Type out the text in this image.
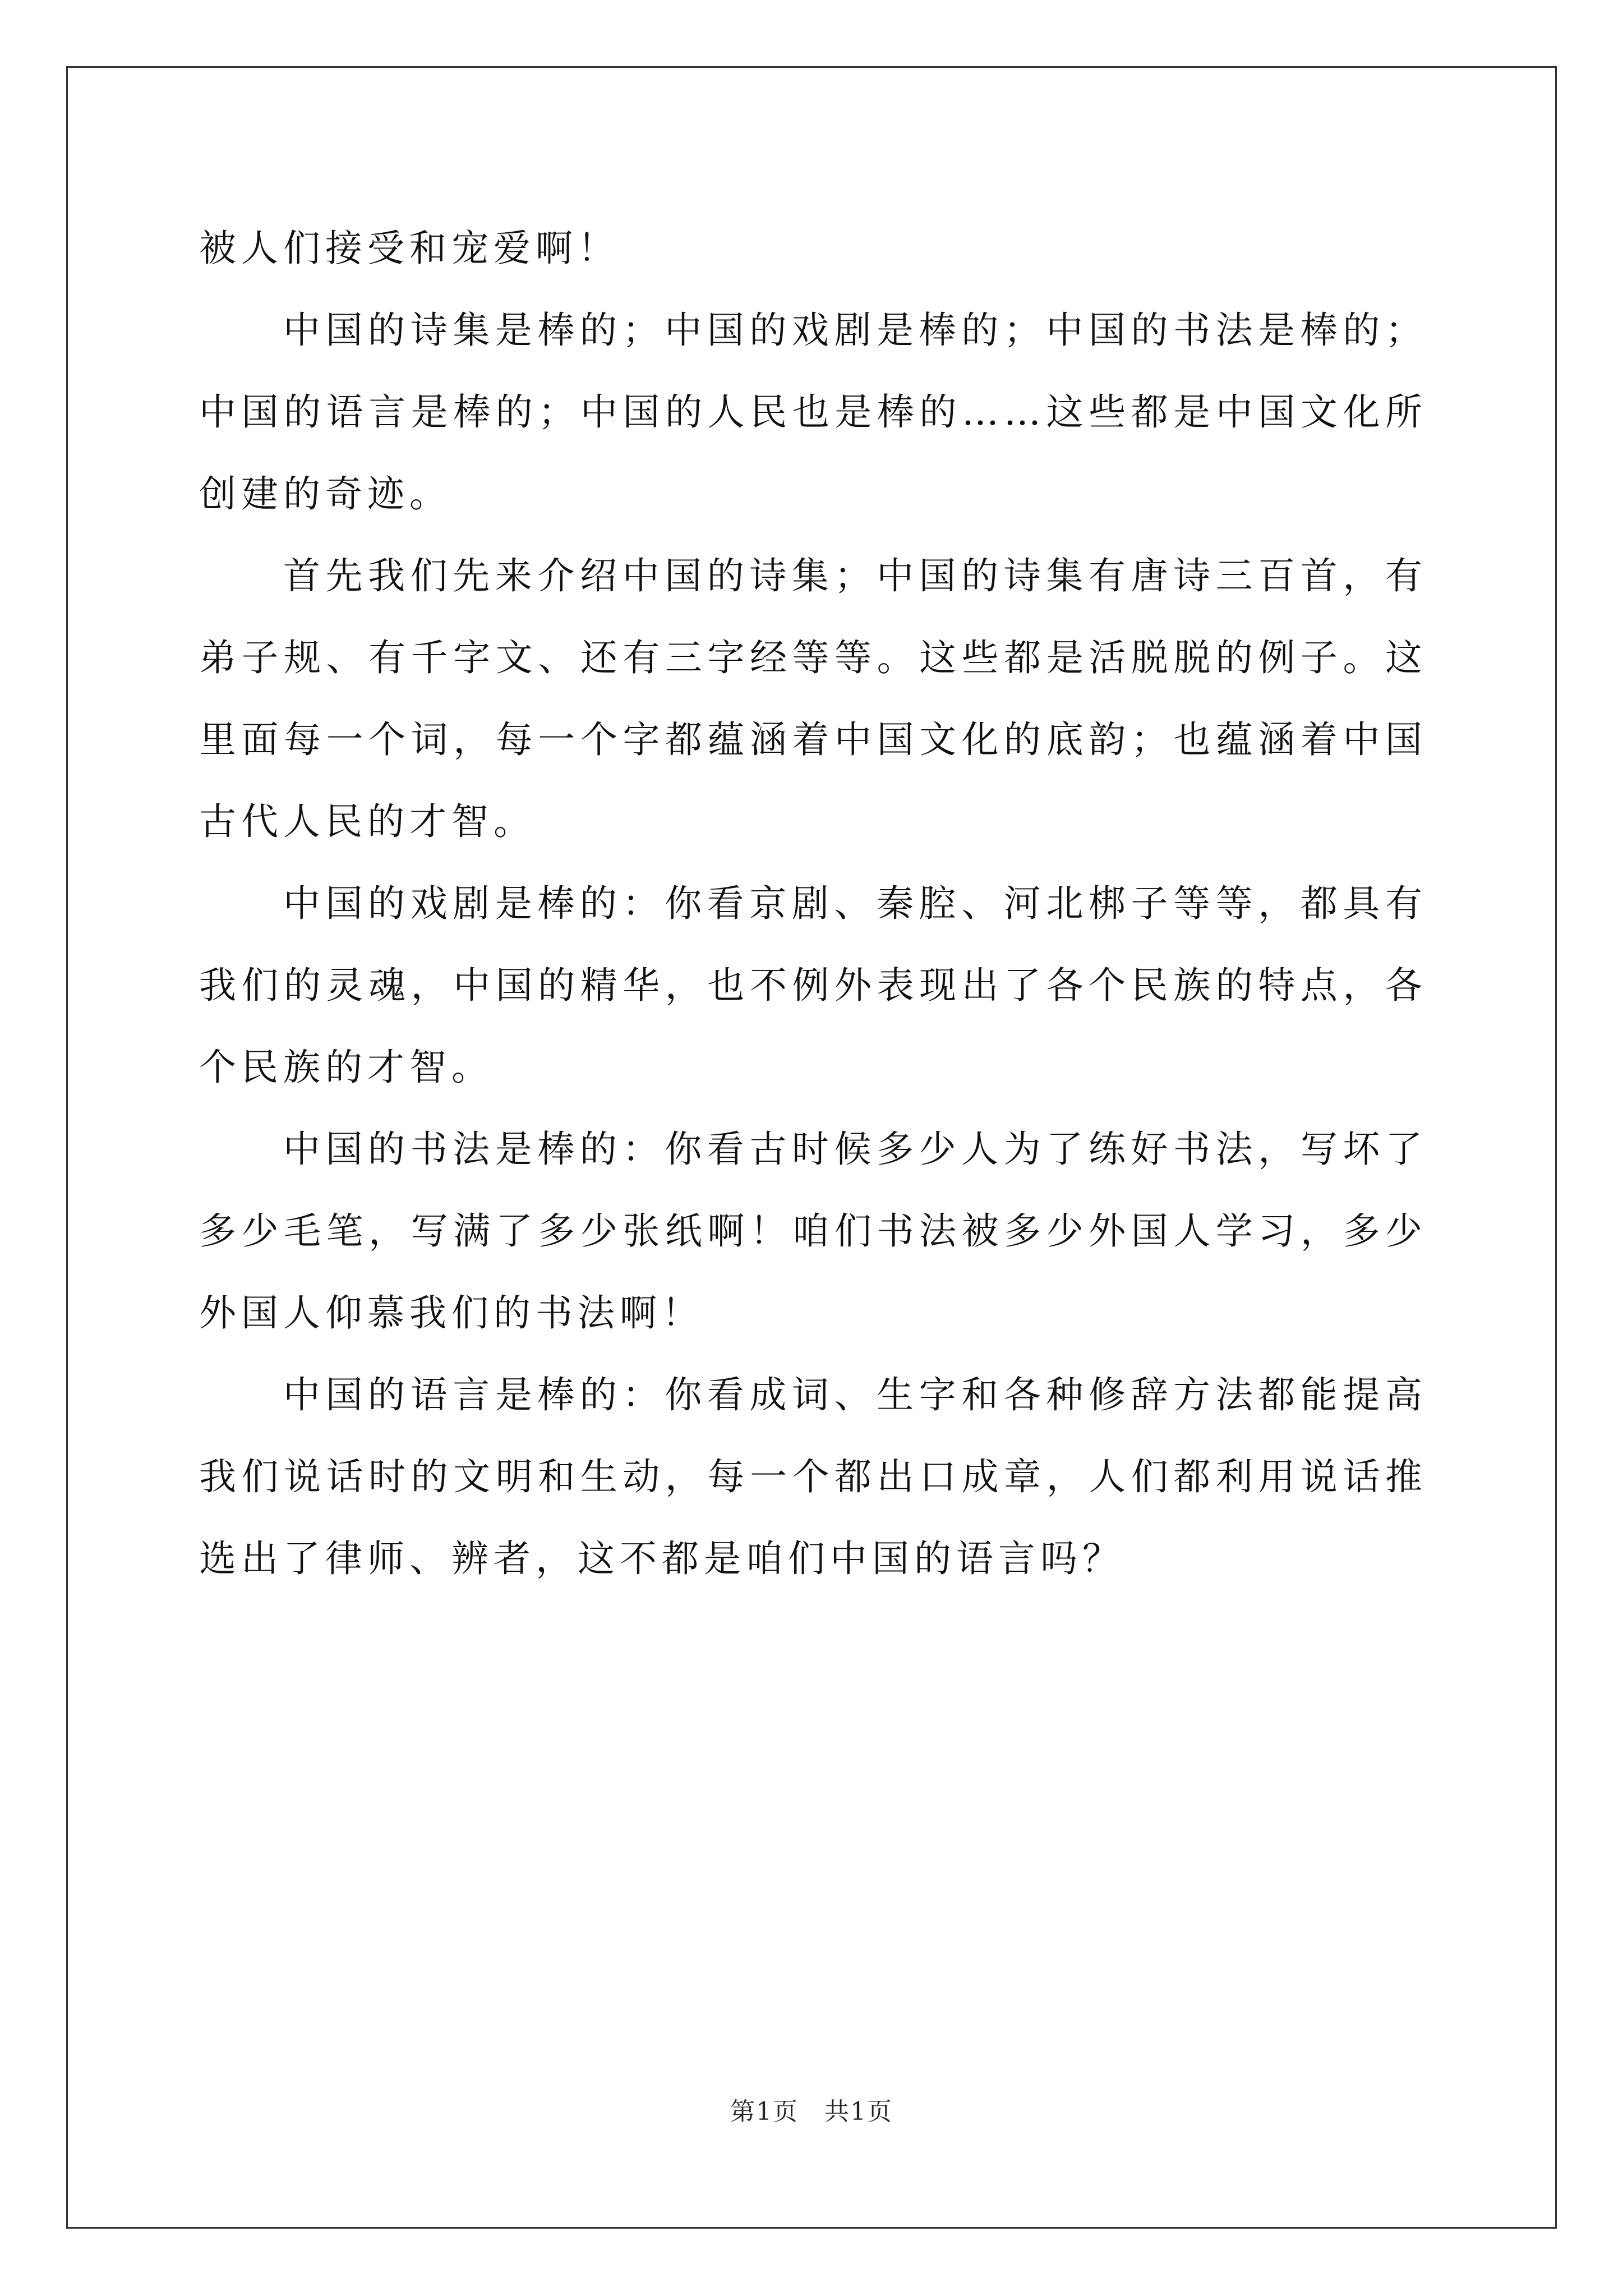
被人们接受和宠爱啊！

中国的诗集是棒的；中国的戏剧是棒的；中国的书法是棒的；中国的语言是棒的；中国的人民也是棒的……这些都是中国文化所创建的奇迹。

首先我们先来介绍中国的诗集；中国的诗集有唐诗三百首，有弟子规、有千字文、还有三字经等等。这些都是活脱脱的例子。这里面每一个词，每一个字都蕴涵着中国文化的底韵；也蕴涵着中国古代人民的才智。

中国的戏剧是棒的：你看京剧、秦腔、河北梆子等等，都具有我们的灵魂，中国的精华，也不例外表现出了各个民族的特点，各个民族的才智。

中国的书法是棒的：你看古时候多少人为了练好书法，写坏了多少毛笔，写满了多少张纸啊！咱们书法被多少外国人学习，多少外国人仰慕我们的书法啊！

中国的语言是棒的：你看成词、生字和各种修辞方法都能提高我们说话时的文明和生动，每一个都出口成章，人们都利用说话推选出了律师、辨者，这不都是咱们中国的语言吗？

第1页　共1页
